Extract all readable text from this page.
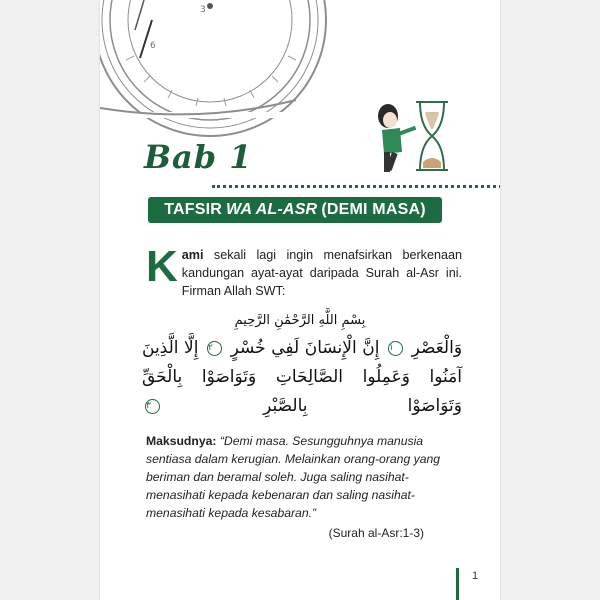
6
3
Bab 1
TAFSIR WA AL-ASR (DEMI MASA)
Kami sekali lagi ingin menafsirkan berkenaan kandungan ayat-ayat daripada Surah al-Asr ini. Firman Allah SWT:
بِسْمِ اللَّهِ الرَّحْمَٰنِ الرَّحِيمِ
وَالْعَصْرِ ١ إِنَّ الْإِنسَانَ لَفِي خُسْرٍ ٢ إِلَّا الَّذِينَ آمَنُوا وَعَمِلُوا الصَّالِحَاتِ وَتَوَاصَوْا بِالْحَقِّ وَتَوَاصَوْا بِالصَّبْرِ ٣
Maksudnya: “Demi masa. Sesungguhnya manusia sentiasa dalam kerugian. Melainkan orang-orang yang beriman dan beramal soleh. Juga saling nasihat-menasihati kepada kebenaran dan saling nasihat-menasihati kepada kesabaran.”
(Surah al-Asr:1-3)
1
